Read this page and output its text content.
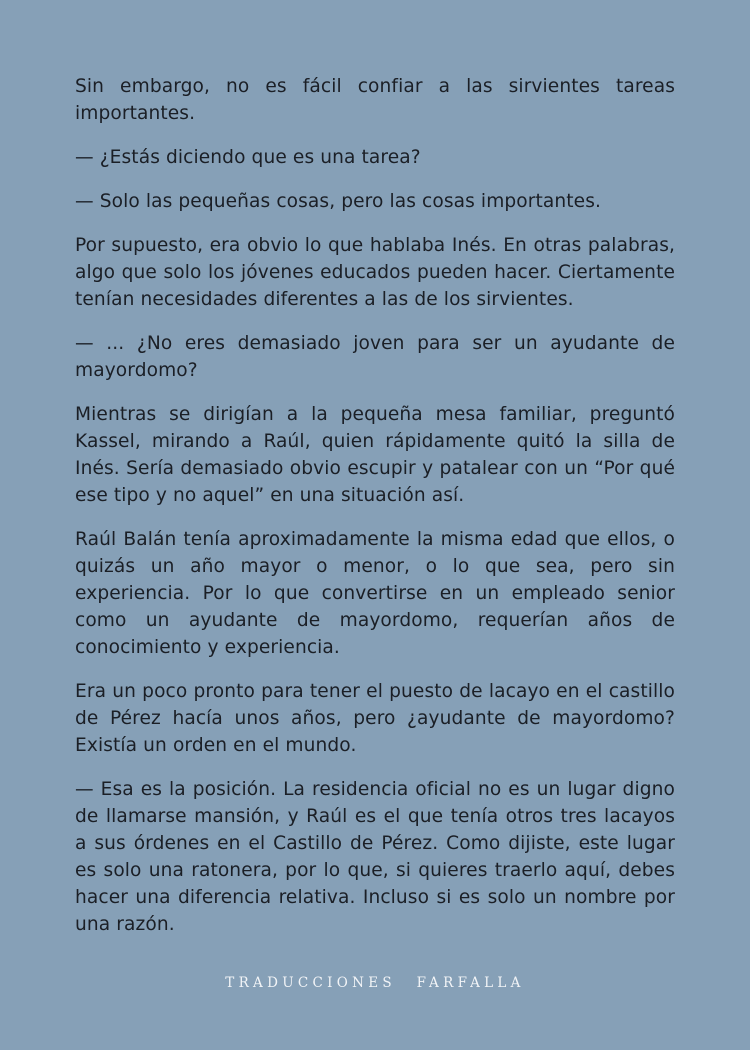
Sin embargo, no es fácil confiar a las sirvientes tareas importantes.

— ¿Estás diciendo que es una tarea?

— Solo las pequeñas cosas, pero las cosas importantes.

Por supuesto, era obvio lo que hablaba Inés. En otras palabras, algo que solo los jóvenes educados pueden hacer. Ciertamente tenían necesidades diferentes a las de los sirvientes.

— ... ¿No eres demasiado joven para ser un ayudante de mayordomo?

Mientras se dirigían a la pequeña mesa familiar, preguntó Kassel, mirando a Raúl, quien rápidamente quitó la silla de Inés. Sería demasiado obvio escupir y patalear con un “Por qué ese tipo y no aquel” en una situación así.

Raúl Balán tenía aproximadamente la misma edad que ellos, o quizás un año mayor o menor, o lo que sea, pero sin experiencia. Por lo que convertirse en un empleado senior como un ayudante de mayordomo, requerían años de conocimiento y experiencia.

Era un poco pronto para tener el puesto de lacayo en el castillo de Pérez hacía unos años, pero ¿ayudante de mayordomo? Existía un orden en el mundo.

— Esa es la posición. La residencia oficial no es un lugar digno de llamarse mansión, y Raúl es el que tenía otros tres lacayos a sus órdenes en el Castillo de Pérez. Como dijiste, este lugar es solo una ratonera, por lo que, si quieres traerlo aquí, debes hacer una diferencia relativa. Incluso si es solo un nombre por una razón.

TRADUCCIONES FARFALLA
